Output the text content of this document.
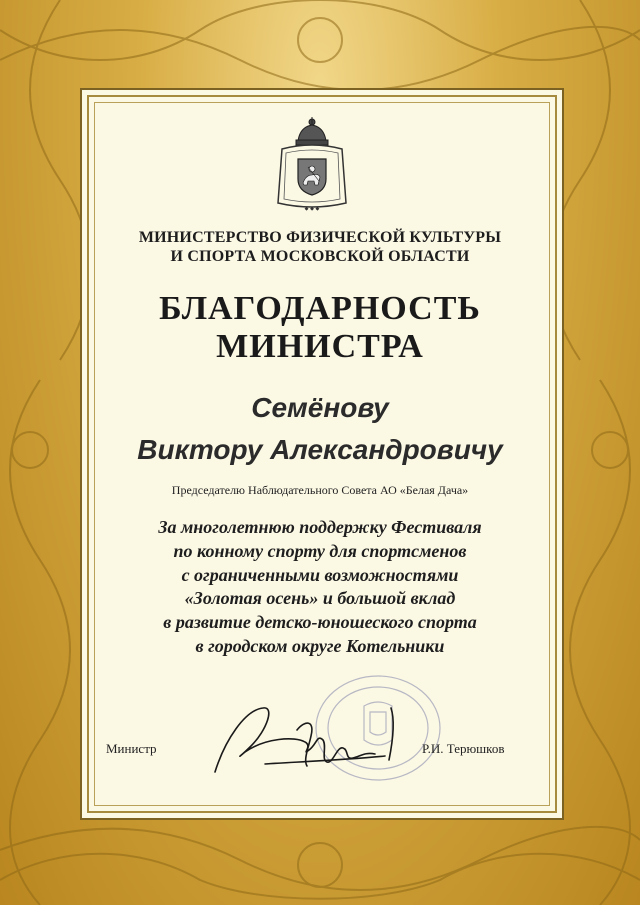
◆ ◆ ◆
МИНИСТЕРСТВО ФИЗИЧЕСКОЙ КУЛЬТУРЫ
И СПОРТА МОСКОВСКОЙ ОБЛАСТИ
БЛАГОДАРНОСТЬ
МИНИСТРА
Семёнову
Виктору Александровичу
Председателю Наблюдательного Совета АО «Белая Дача»
За многолетнюю поддержку Фестиваля
по конному спорту для спортсменов
с ограниченными возможностями
«Золотая осень» и большой вклад
в развитие детско-юношеского спорта
в городском округе Котельники
Министр	Р.И. Терюшков
